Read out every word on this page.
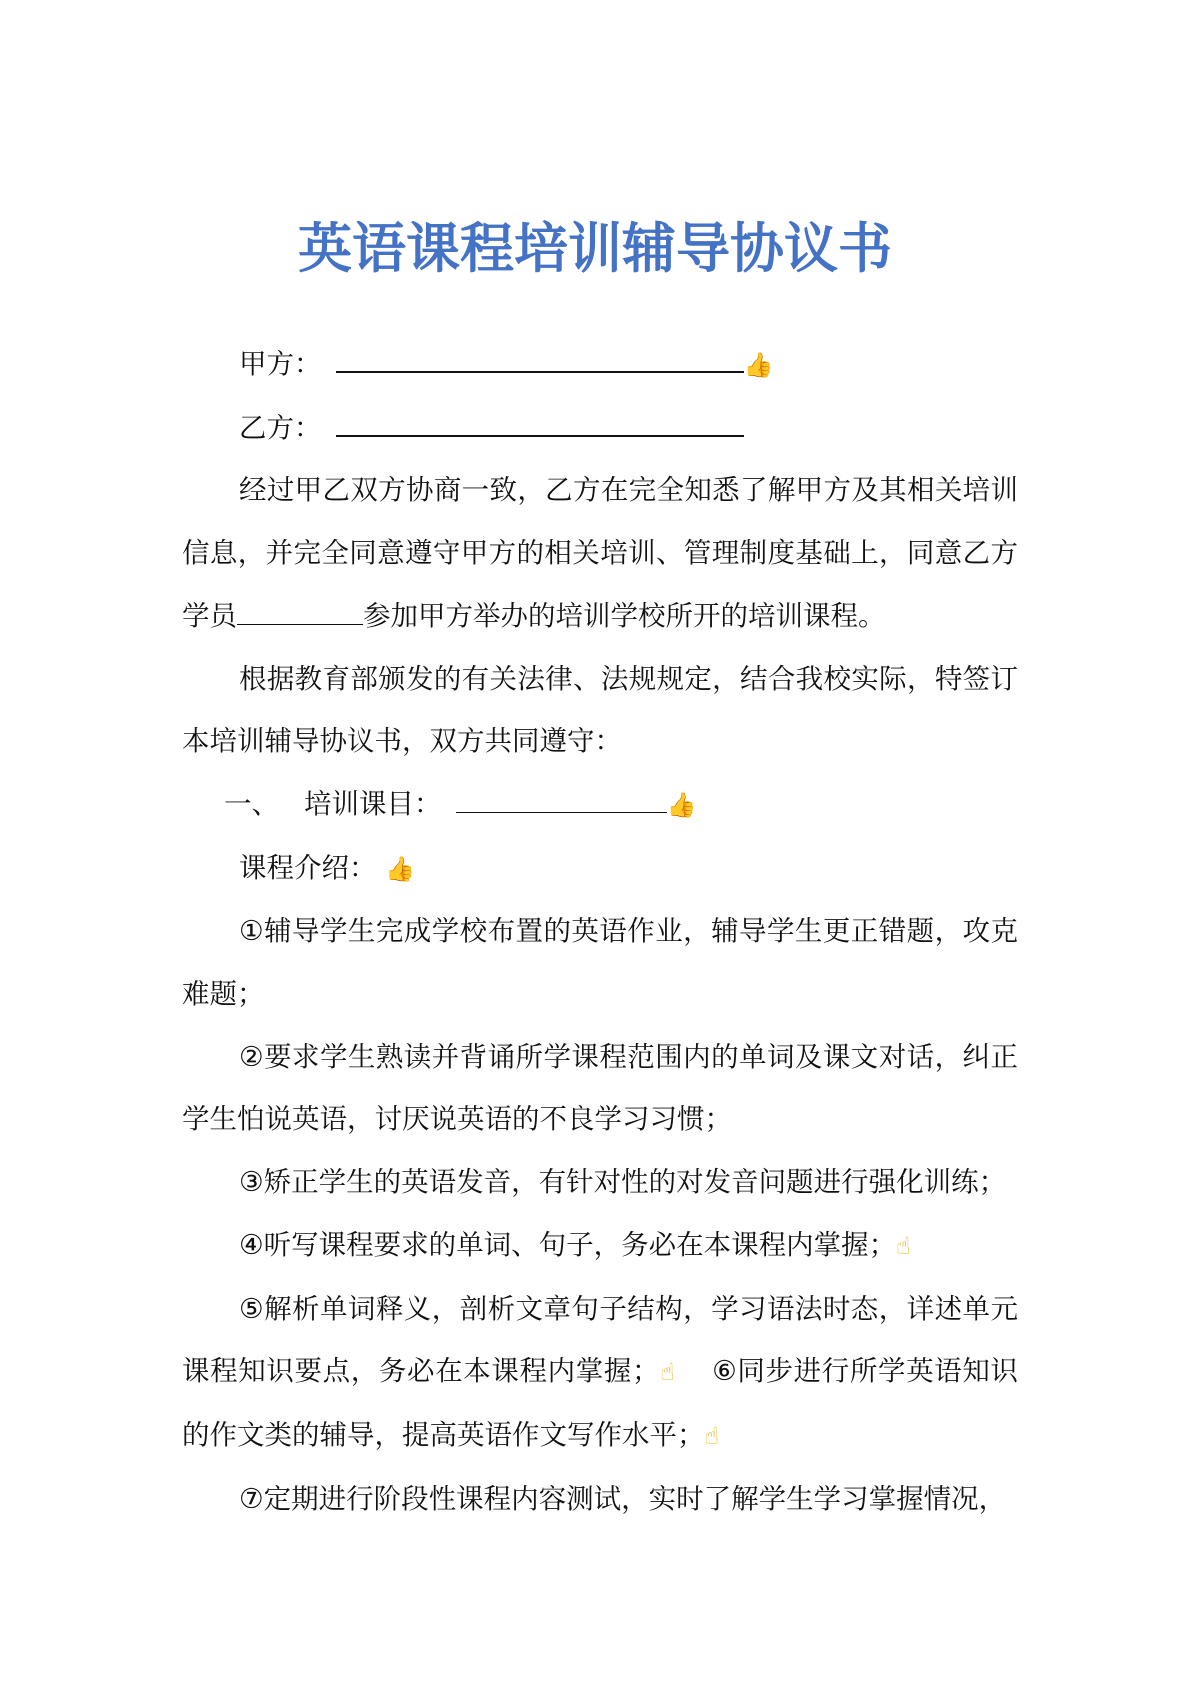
英语课程培训辅导协议书

甲方：	👍

乙方：

经过甲乙双方协商一致，乙方在完全知悉了解甲方及其相关培训信息，并完全同意遵守甲方的相关培训、管理制度基础上，同意乙方学员	参加甲方举办的培训学校所开的培训课程。

根据教育部颁发的有关法律、法规规定，结合我校实际，特签订本培训辅导协议书，双方共同遵守：

一、 培训课目：	👍

课程介绍： 👍

①辅导学生完成学校布置的英语作业，辅导学生更正错题，攻克难题；

②要求学生熟读并背诵所学课程范围内的单词及课文对话，纠正学生怕说英语，讨厌说英语的不良学习习惯；

③矫正学生的英语发音，有针对性的对发音问题进行强化训练；

④听写课程要求的单词、句子，务必在本课程内掌握；☝

⑤解析单词释义，剖析文章句子结构，学习语法时态，详述单元课程知识要点，务必在本课程内掌握；☝ ⑥同步进行所学英语知识的作文类的辅导，提高英语作文写作水平；☝

⑦定期进行阶段性课程内容测试，实时了解学生学习掌握情况，
